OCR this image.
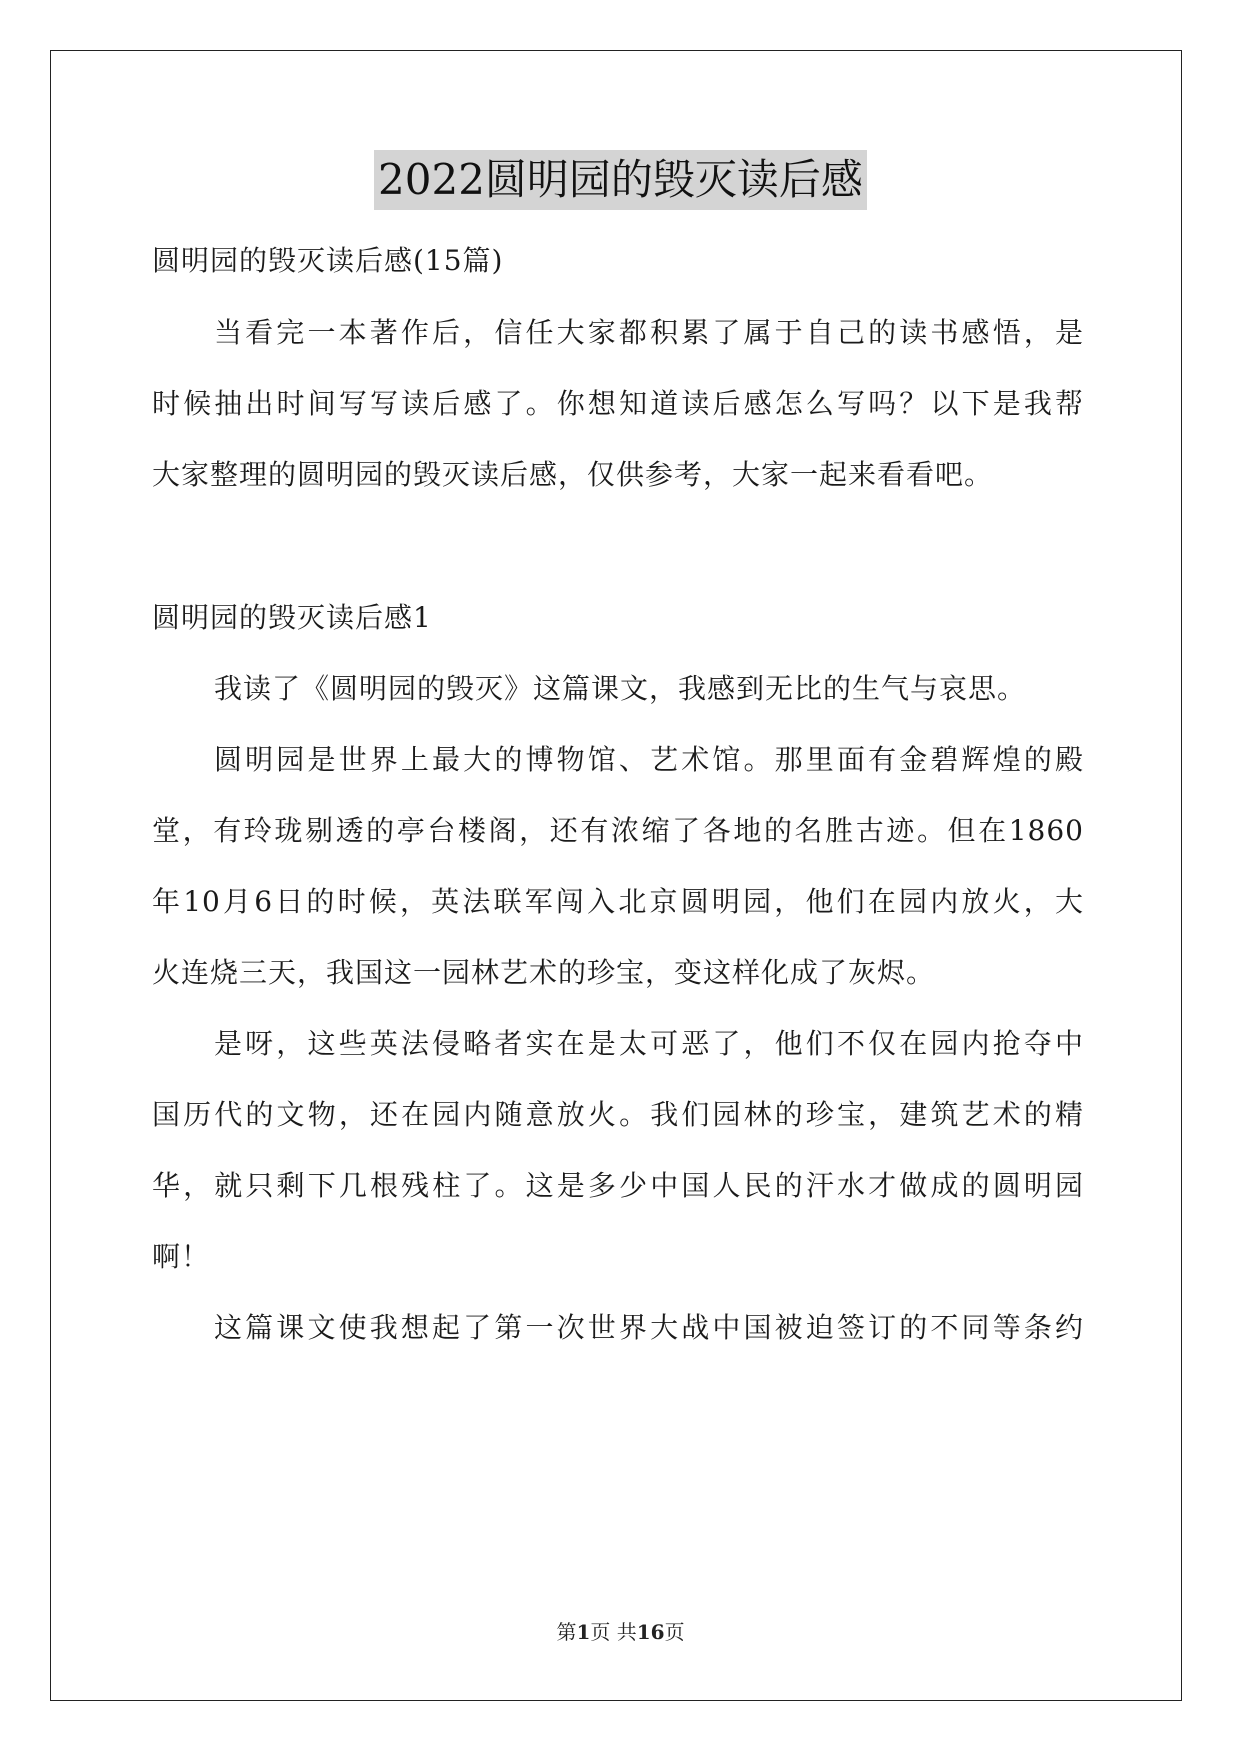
2022圆明园的毁灭读后感
圆明园的毁灭读后感(15篇)
当看完一本著作后，信任大家都积累了属于自己的读书感悟，是
时候抽出时间写写读后感了。你想知道读后感怎么写吗？以下是我帮
大家整理的圆明园的毁灭读后感，仅供参考，大家一起来看看吧。
圆明园的毁灭读后感1
我读了《圆明园的毁灭》这篇课文，我感到无比的生气与哀思。
圆明园是世界上最大的博物馆、艺术馆。那里面有金碧辉煌的殿
堂，有玲珑剔透的亭台楼阁，还有浓缩了各地的名胜古迹。但在1860
年10月6日的时候，英法联军闯入北京圆明园，他们在园内放火，大
火连烧三天，我国这一园林艺术的珍宝，变这样化成了灰烬。
是呀，这些英法侵略者实在是太可恶了，他们不仅在园内抢夺中
国历代的文物，还在园内随意放火。我们园林的珍宝，建筑艺术的精
华，就只剩下几根残柱了。这是多少中国人民的汗水才做成的圆明园
啊！
这篇课文使我想起了第一次世界大战中国被迫签订的不同等条约
第1页 共16页
